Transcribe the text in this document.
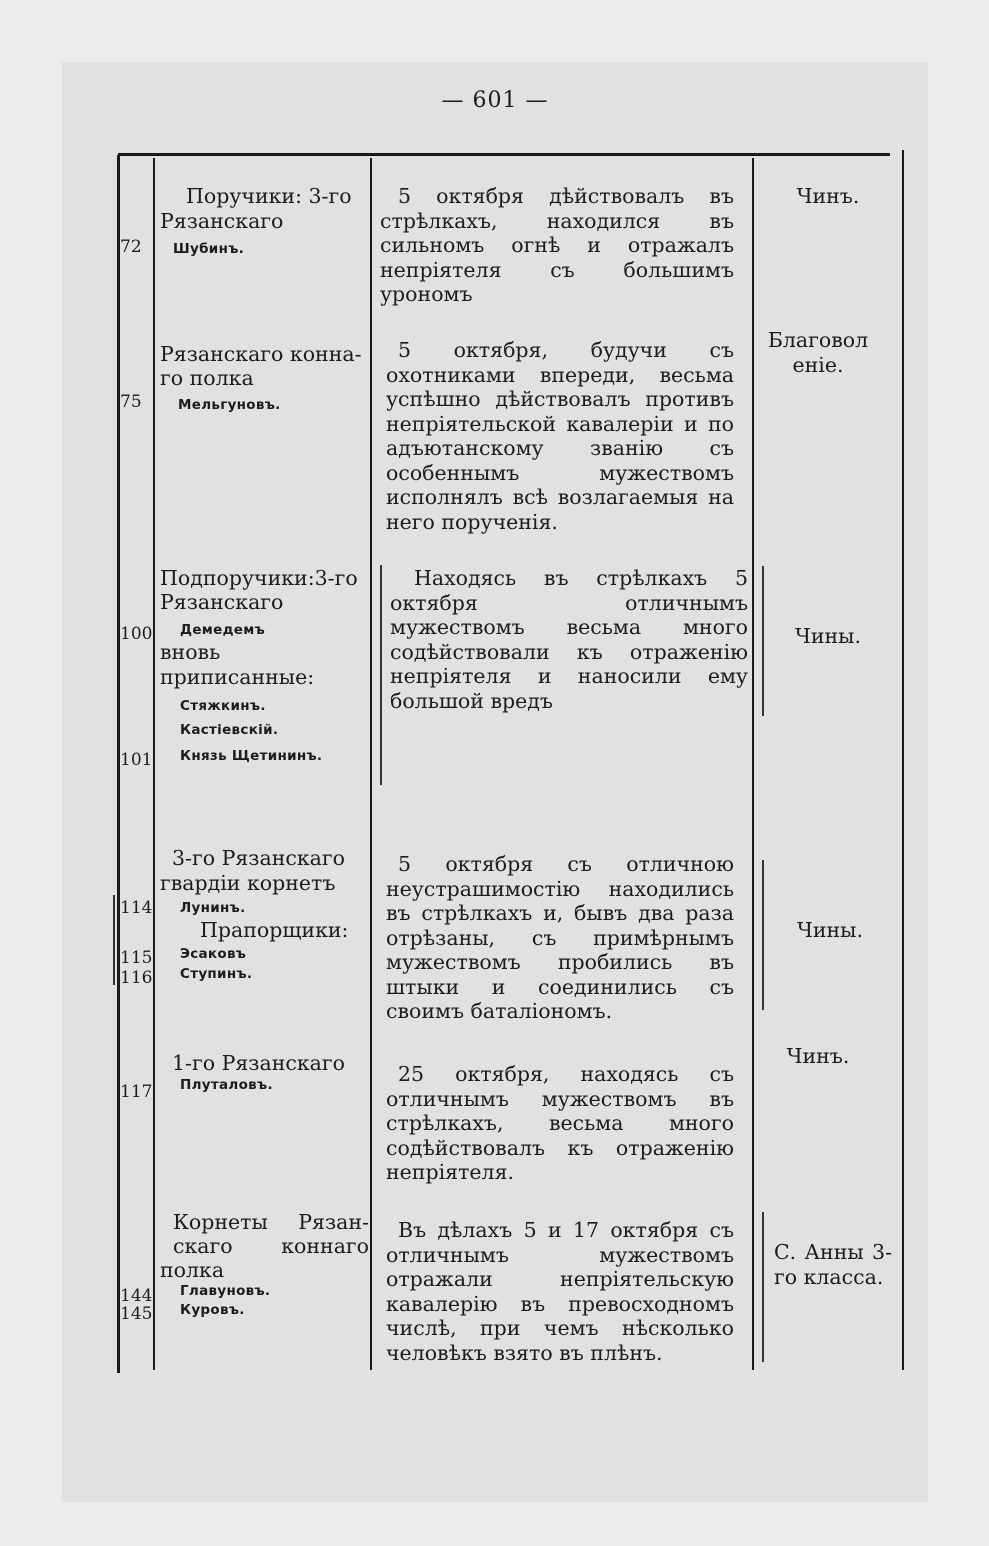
— 601 —
Поручики: 3-го
Рязанскаго
72 Шубинъ.
5 октября дѣйствовалъ въ стрѣлкахъ, находился въ сильномъ огнѣ и отражалъ непріятеля съ большимъ урономъ
Чинъ.
Рязанскаго конна-
го полка
75	Мельгуновъ.
5 октября, будучи съ охотниками впереди, весьма успѣшно дѣйствовалъ противъ непріятельской кавалеріи и по адъютанскому званію съ особеннымъ мужествомъ исполнялъ всѣ возлагаемыя на него порученія.
Благоволеніе.
Подпоручики:3-го
Рязанскаго
100 Демедемъ
вновь приписанные:
Стяжкинъ.
Кастіевскій.
101 Князь Щетининъ.
Находясь въ стрѣлкахъ 5 октября отличнымъ мужествомъ весьма много содѣйствовали къ отраженію непріятеля и наносили ему большой вредъ
Чины.
3-го Рязанскаго
гвардіи корнетъ
114 Лунинъ.
Прапорщики:
115 Эсаковъ
116 Ступинъ.
5 октября съ отличною неустрашимостію находились въ стрѣлкахъ и, бывъ два раза отрѣзаны, съ примѣрнымъ мужествомъ пробились въ штыки и соединились съ своимъ баталіономъ.
Чины.
1-го Рязанскаго
117 Плуталовъ.	25 октября, находясь съ отличнымъ мужествомъ въ стрѣлкахъ, весьма много содѣйствовалъ къ отраженію непріятеля.
Чинъ.
Корнеты Рязан-
скаго коннаго
полка
144 Главуновъ.
145 Куровъ.
Въ дѣлахъ 5 и 17 октября съ отличнымъ мужествомъ отражали непріятельскую кавалерію въ превосходномъ числѣ, при чемъ нѣсколько человѣкъ взято въ плѣнъ.
С. Анны 3-го класса.
